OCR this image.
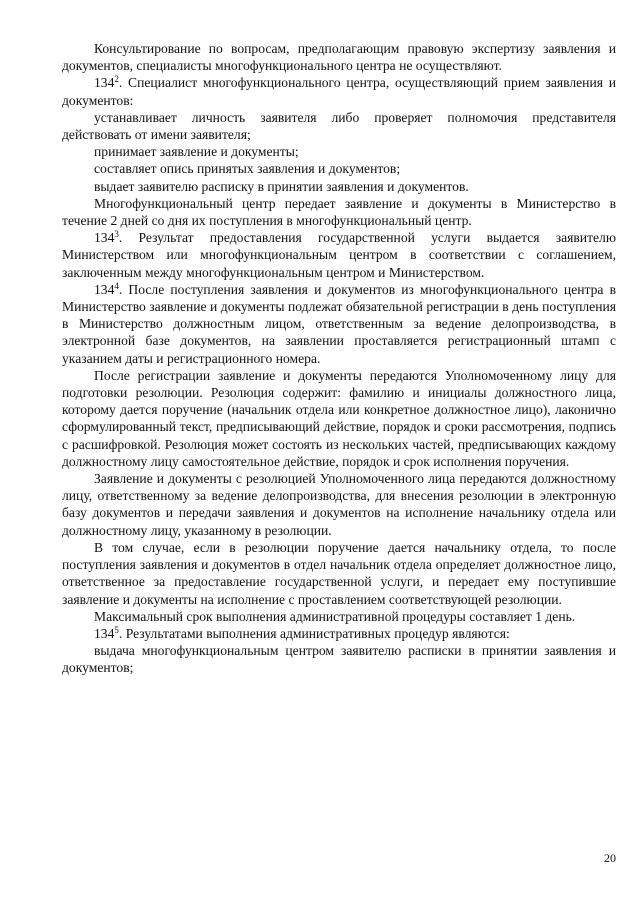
Консультирование по вопросам, предполагающим правовую экспертизу заявления и документов, специалисты многофункционального центра не осуществляют.

$134^2$. Специалист многофункционального центра, осуществляющий прием заявления и документов:

устанавливает личность заявителя либо проверяет полномочия представителя действовать от имени заявителя;

принимает заявление и документы;

составляет опись принятых заявления и документов;

выдает заявителю расписку в принятии заявления и документов.

Многофункциональный центр передает заявление и документы в Министерство в течение 2 дней со дня их поступления в многофункциональный центр.

$134^3$. Результат предоставления государственной услуги выдается заявителю Министерством или многофункциональным центром в соответствии с соглашением, заключенным между многофункциональным центром и Министерством.

$134^4$. После поступления заявления и документов из многофункционального центра в Министерство заявление и документы подлежат обязательной регистрации в день поступления в Министерство должностным лицом, ответственным за ведение делопроизводства, в электронной базе документов, на заявлении проставляется регистрационный штамп с указанием даты и регистрационного номера.

После регистрации заявление и документы передаются Уполномоченному лицу для подготовки резолюции. Резолюция содержит: фамилию и инициалы должностного лица, которому дается поручение (начальник отдела или конкретное должностное лицо), лаконично сформулированный текст, предписывающий действие, порядок и сроки рассмотрения, подпись с расшифровкой. Резолюция может состоять из нескольких частей, предписывающих каждому должностному лицу самостоятельное действие, порядок и срок исполнения поручения.

Заявление и документы с резолюцией Уполномоченного лица передаются должностному лицу, ответственному за ведение делопроизводства, для внесения резолюции в электронную базу документов и передачи заявления и документов на исполнение начальнику отдела или должностному лицу, указанному в резолюции.

В том случае, если в резолюции поручение дается начальнику отдела, то после поступления заявления и документов в отдел начальник отдела определяет должностное лицо, ответственное за предоставление государственной услуги, и передает ему поступившие заявление и документы на исполнение с проставлением соответствующей резолюции.

Максимальный срок выполнения административной процедуры составляет 1 день.

$134^5$. Результатами выполнения административных процедур являются:

выдача многофункциональным центром заявителю расписки в принятии заявления и документов;

20
